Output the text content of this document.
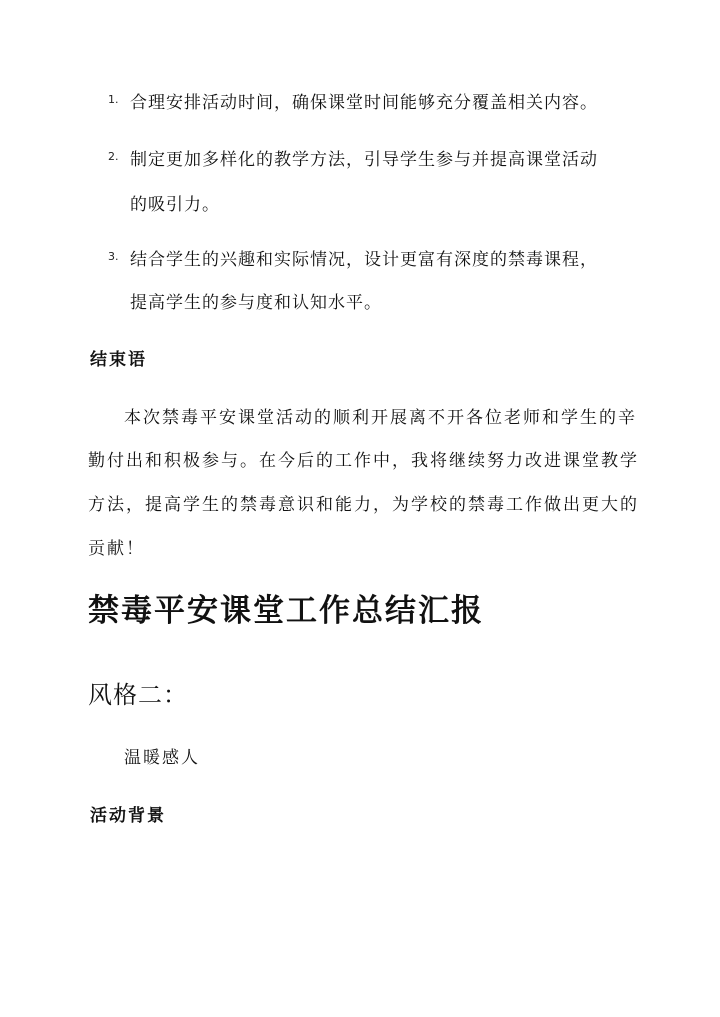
1. 合理安排活动时间，确保课堂时间能够充分覆盖相关内容。
2. 制定更加多样化的教学方法，引导学生参与并提高课堂活动
的吸引力。
3. 结合学生的兴趣和实际情况，设计更富有深度的禁毒课程，
提高学生的参与度和认知水平。
结束语
本次禁毒平安课堂活动的顺利开展离不开各位老师和学生的辛
勤付出和积极参与。在今后的工作中，我将继续努力改进课堂教学
方法，提高学生的禁毒意识和能力，为学校的禁毒工作做出更大的
贡献！
禁毒平安课堂工作总结汇报
风格二：
温暖感人
活动背景
